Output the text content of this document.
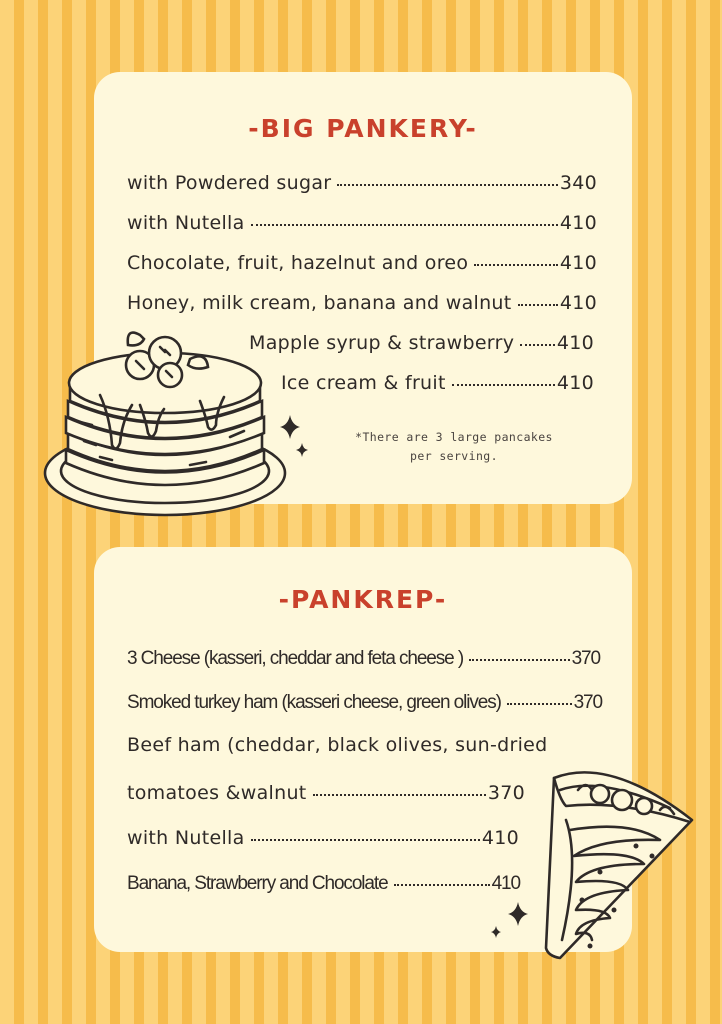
-BIG PANKERY-
with Powdered sugar	340
with Nutella	410
Chocolate, fruit, hazelnut and oreo	410
Honey, milk cream, banana and walnut	410
Mapple syrup & strawberry 410
Ice cream & fruit	410
*There are 3 large pancakes
per serving.
-PANKREP-
3 Cheese (kasseri, cheddar and feta cheese )	370
Smoked turkey ham (kasseri cheese, green olives)	370
Beef ham (cheddar, black olives, sun-dried
tomatoes &walnut	370
with Nutella	410
Banana, Strawberry and Chocolate	410
